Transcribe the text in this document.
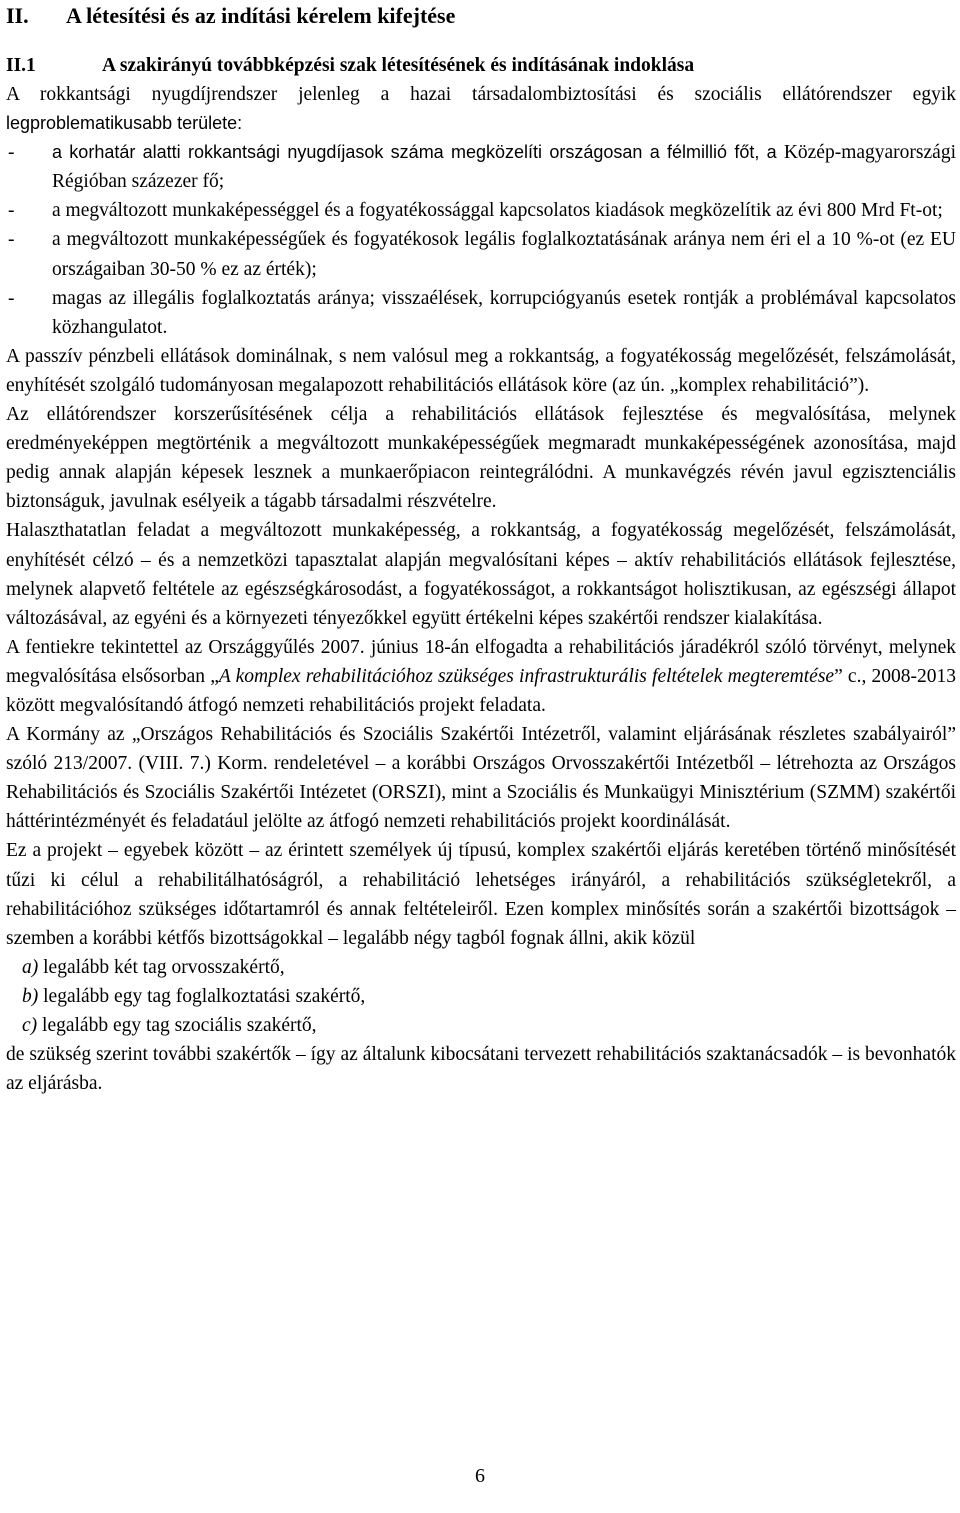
II.	A létesítési és az indítási kérelem kifejtése
II.1	A szakirányú továbbképzési szak létesítésének és indításának indoklása

A rokkantsági nyugdíjrendszer jelenleg a hazai társadalombiztosítási és szociális ellátórendszer egyik legproblematikusabb területe:

-	a korhatár alatti rokkantsági nyugdíjasok száma megközelíti országosan a félmillió főt, a Közép-magyarországi Régióban százezer fő;
-	a megváltozott munkaképességgel és a fogyatékossággal kapcsolatos kiadások megközelítik az évi 800 Mrd Ft-ot;
-	a megváltozott munkaképességűek és fogyatékosok legális foglalkoztatásának aránya nem éri el a 10 %-ot (ez EU országaiban 30-50 % ez az érték);
-	magas az illegális foglalkoztatás aránya; visszaélések, korrupciógyanús esetek rontják a problémával kapcsolatos közhangulatot.

A passzív pénzbeli ellátások dominálnak, s nem valósul meg a rokkantság, a fogyatékosság megelőzését, felszámolását, enyhítését szolgáló tudományosan megalapozott rehabilitációs ellátások köre (az ún. „komplex rehabilitáció”).

Az ellátórendszer korszerűsítésének célja a rehabilitációs ellátások fejlesztése és megvalósítása, melynek eredményeképpen megtörténik a megváltozott munkaképességűek megmaradt munkaképességének azonosítása, majd pedig annak alapján képesek lesznek a munkaerőpiacon reintegrálódni. A munkavégzés révén javul egzisztenciális biztonságuk, javulnak esélyeik a tágabb társadalmi részvételre.

Halaszthatatlan feladat a megváltozott munkaképesség, a rokkantság, a fogyatékosság megelőzését, felszámolását, enyhítését célzó – és a nemzetközi tapasztalat alapján megvalósítani képes – aktív rehabilitációs ellátások fejlesztése, melynek alapvető feltétele az egészségkárosodást, a fogyatékosságot, a rokkantságot holisztikusan, az egészségi állapot változásával, az egyéni és a környezeti tényezőkkel együtt értékelni képes szakértői rendszer kialakítása.

A fentiekre tekintettel az Országgyűlés 2007. június 18-án elfogadta a rehabilitációs járadékról szóló törvényt, melynek megvalósítása elsősorban „A komplex rehabilitációhoz szükséges infrastrukturális feltételek megteremtése” c., 2008-2013 között megvalósítandó átfogó nemzeti rehabilitációs projekt feladata.

A Kormány az „Országos Rehabilitációs és Szociális Szakértői Intézetről, valamint eljárásának részletes szabályairól” szóló 213/2007. (VIII. 7.) Korm. rendeletével – a korábbi Országos Orvosszakértői Intézetből – létrehozta az Országos Rehabilitációs és Szociális Szakértői Intézetet (ORSZI), mint a Szociális és Munkaügyi Minisztérium (SZMM) szakértői háttérintézményét és feladatául jelölte az átfogó nemzeti rehabilitációs projekt koordinálását.

Ez a projekt – egyebek között – az érintett személyek új típusú, komplex szakértői eljárás keretében történő minősítését tűzi ki célul a rehabilitálhatóságról, a rehabilitáció lehetséges irányáról, a rehabilitációs szükségletekről, a rehabilitációhoz szükséges időtartamról és annak feltételeiről. Ezen komplex minősítés során a szakértői bizottságok – szemben a korábbi kétfős bizottságokkal – legalább négy tagból fognak állni, akik közül

a) legalább két tag orvosszakértő,
b) legalább egy tag foglalkoztatási szakértő,
c) legalább egy tag szociális szakértő,

de szükség szerint további szakértők – így az általunk kibocsátani tervezett rehabilitációs szaktanácsadók – is bevonhatók az eljárásba.

6
